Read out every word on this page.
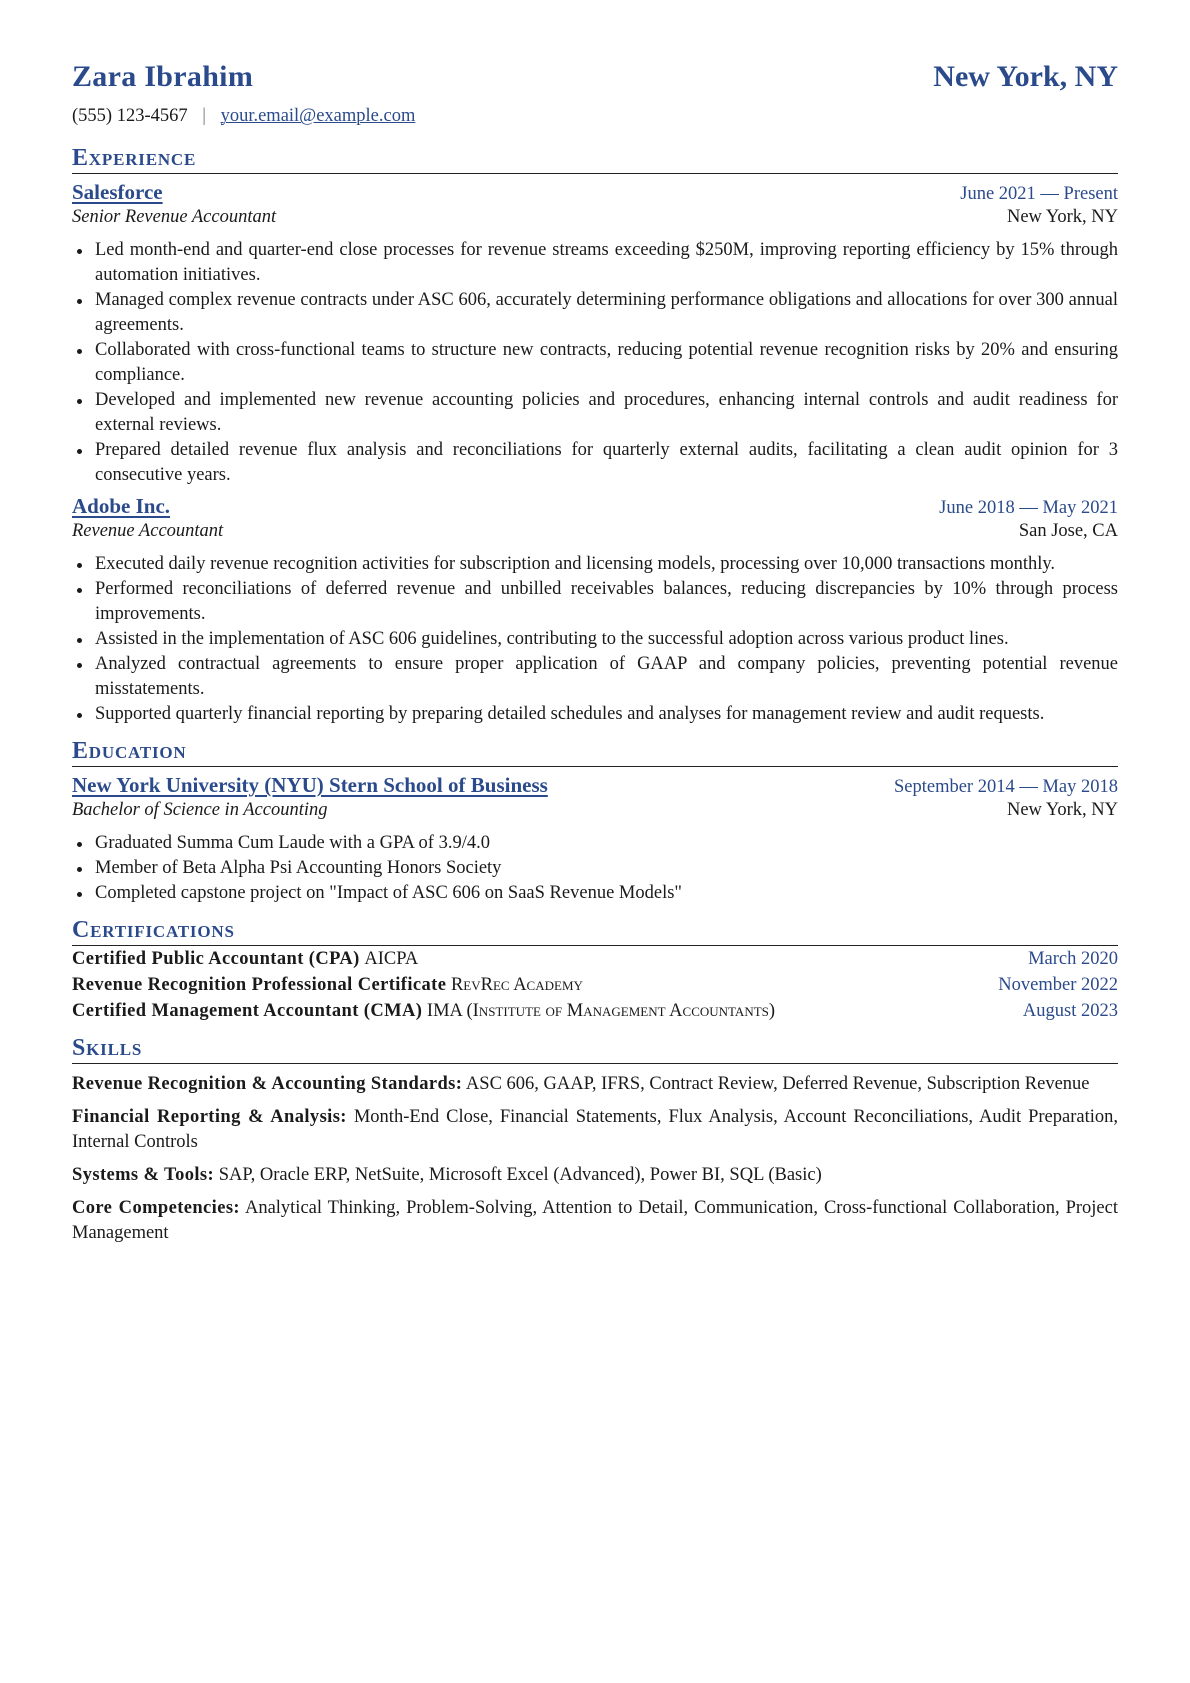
Zara Ibrahim	New York, NY
(555) 123-4567 | your.email@example.com
Experience
Salesforce	June 2021 — Present
Senior Revenue Accountant	New York, NY
Led month-end and quarter-end close processes for revenue streams exceeding $250M, improving reporting efficiency by 15% through automation initiatives.
Managed complex revenue contracts under ASC 606, accurately determining performance obligations and allocations for over 300 annual agreements.
Collaborated with cross-functional teams to structure new contracts, reducing potential revenue recognition risks by 20% and ensuring compliance.
Developed and implemented new revenue accounting policies and procedures, enhancing internal controls and audit readiness for external reviews.
Prepared detailed revenue flux analysis and reconciliations for quarterly external audits, facilitating a clean audit opinion for 3 consecutive years.
Adobe Inc.	June 2018 — May 2021
Revenue Accountant	San Jose, CA
Executed daily revenue recognition activities for subscription and licensing models, processing over 10,000 transactions monthly.
Performed reconciliations of deferred revenue and unbilled receivables balances, reducing discrepancies by 10% through process improvements.
Assisted in the implementation of ASC 606 guidelines, contributing to the successful adoption across various product lines.
Analyzed contractual agreements to ensure proper application of GAAP and company policies, preventing potential revenue misstatements.
Supported quarterly financial reporting by preparing detailed schedules and analyses for management review and audit requests.
Education
New York University (NYU) Stern School of Business	September 2014 — May 2018
Bachelor of Science in Accounting	New York, NY
Graduated Summa Cum Laude with a GPA of 3.9/4.0
Member of Beta Alpha Psi Accounting Honors Society
Completed capstone project on "Impact of ASC 606 on SaaS Revenue Models"
Certifications
Certified Public Accountant (CPA) AICPA	March 2020
Revenue Recognition Professional Certificate RevRec Academy	November 2022
Certified Management Accountant (CMA) IMA (Institute of Management Accountants)	August 2023
Skills
Revenue Recognition & Accounting Standards: ASC 606, GAAP, IFRS, Contract Review, Deferred Revenue, Subscription Revenue
Financial Reporting & Analysis: Month-End Close, Financial Statements, Flux Analysis, Account Reconciliations, Audit Preparation, Internal Controls
Systems & Tools: SAP, Oracle ERP, NetSuite, Microsoft Excel (Advanced), Power BI, SQL (Basic)
Core Competencies: Analytical Thinking, Problem-Solving, Attention to Detail, Communication, Cross-functional Collaboration, Project Management
